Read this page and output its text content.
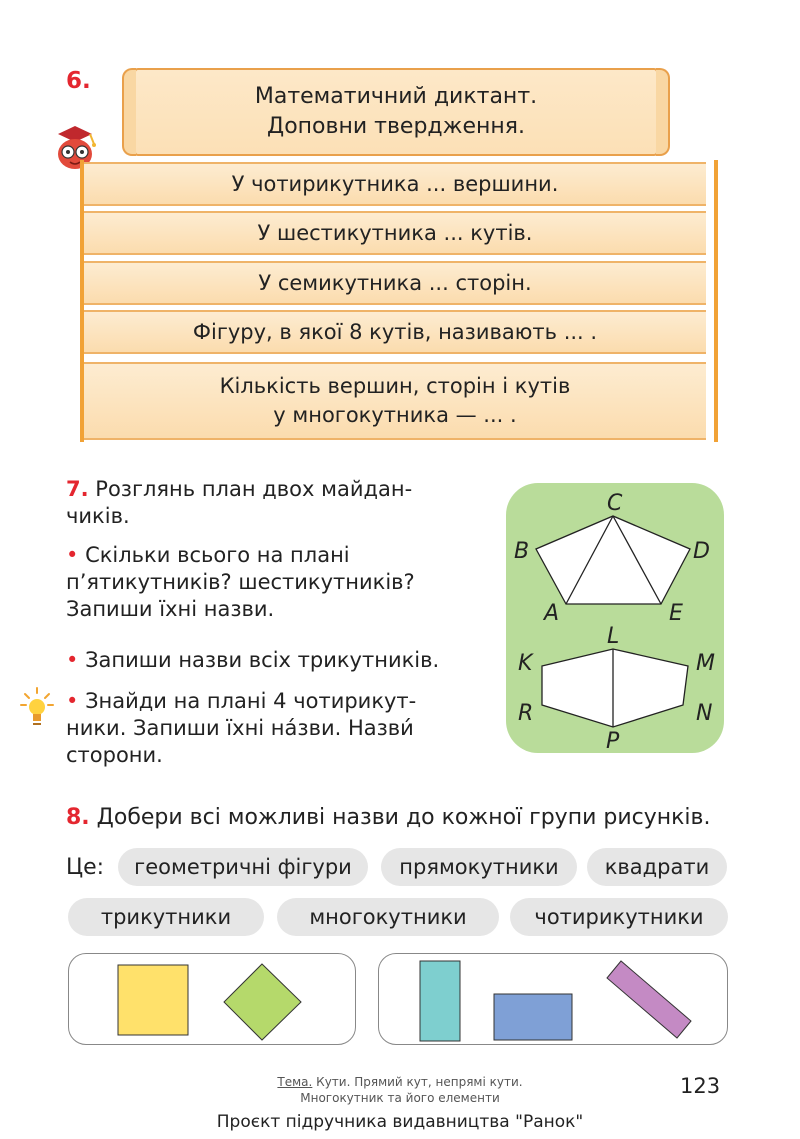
6.
Математичний диктант.
Доповни твердження.
У чотирикутника ... вершини.
У шестикутника ... кутів.
У семикутника ... сторін.
Фігуру, в якої 8 кутів, називають ... .
Кількість вершин, сторін і кутів
у многокутника — ... .
7. Розглянь план двох майдан-
чиків.
• Скільки всього на плані
п’ятикутників? шестикутників?
Запиши їхні назви.
• Запиши назви всіх трикутників.
• Знайди на плані 4 чотирикут-
ники. Запиши їхні на́зви. Назви́
сторони.
C
B	D
A	E
L
K	M
R	N
P
8. Добери всі можливі назви до кожної групи рисунків.
Це:	геометричні фігури	прямокутники	квадрати
трикутники	многокутники	чотирикутники
Тема. Кути. Прямий кут, непрямі кути.
Многокутник та його елементи	123
Проєкт підручника видавництва "Ранок"
